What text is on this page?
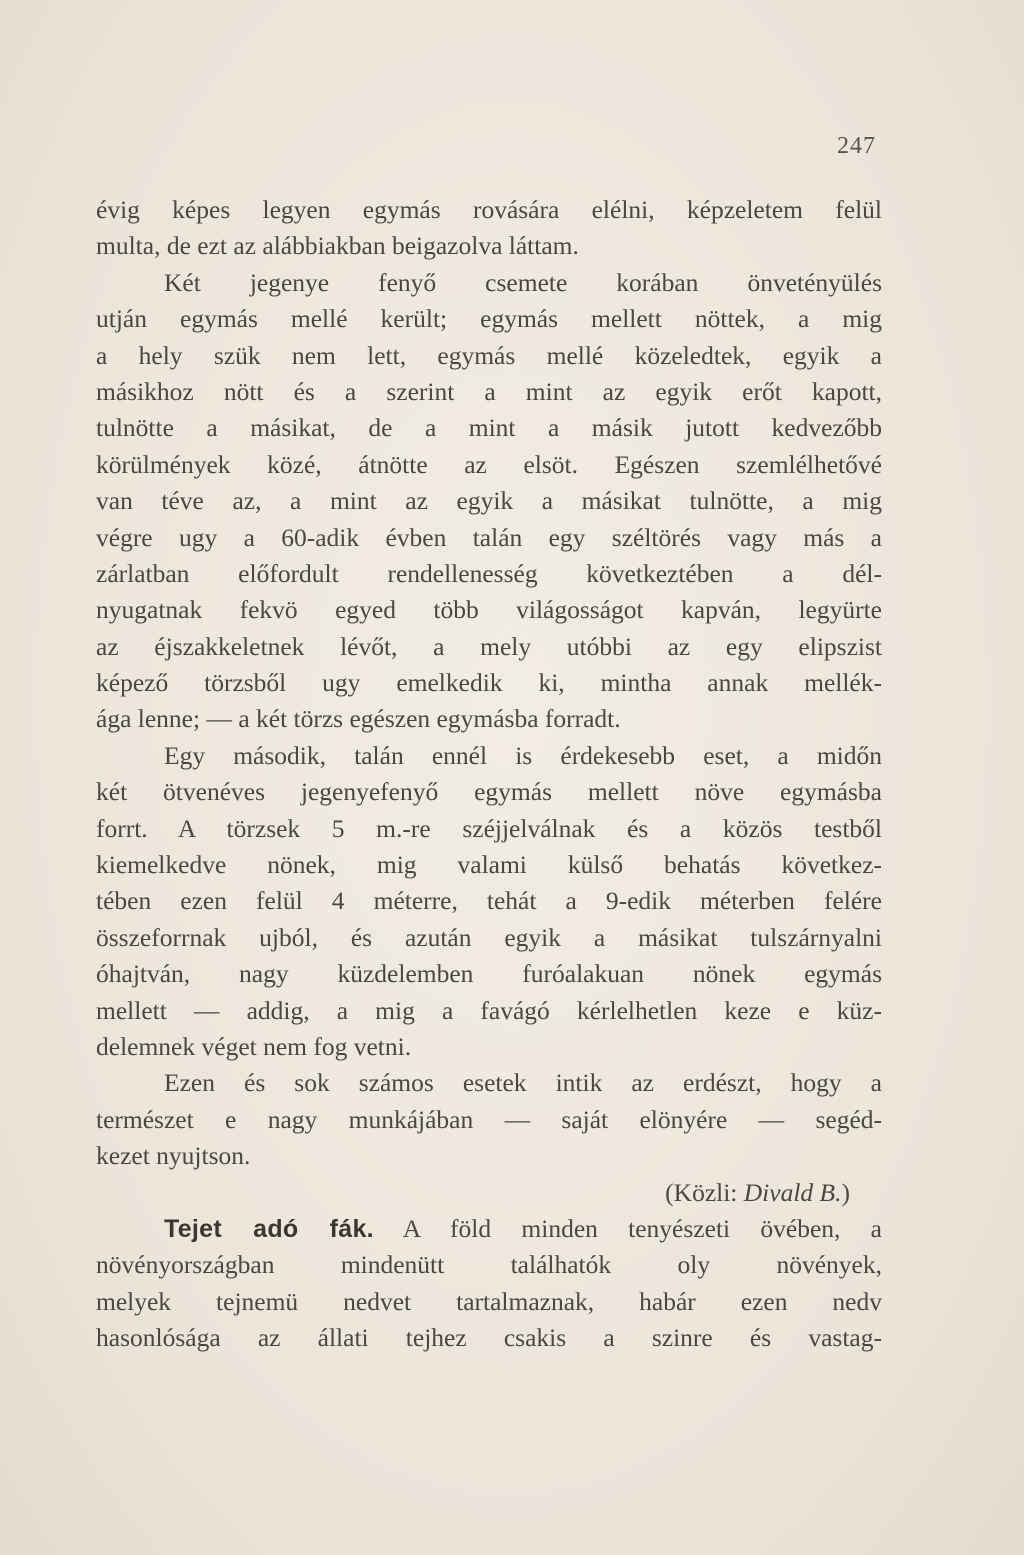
247
évig képes legyen egymás rovására elélni, képzeletem felül
multa, de ezt az alábbiakban beigazolva láttam.
Két jegenye fenyő csemete korában önvetényülés
utján egymás mellé került; egymás mellett nöttek, a mig
a hely szük nem lett, egymás mellé közeledtek, egyik a
másikhoz nött és a szerint a mint az egyik erőt kapott,
tulnötte a másikat, de a mint a másik jutott kedvezőbb
körülmények közé, átnötte az elsöt. Egészen szemlélhetővé
van téve az, a mint az egyik a másikat tulnötte, a mig
végre ugy a 60-adik évben talán egy széltörés vagy más a
zárlatban előfordult rendellenesség következtében a dél-
nyugatnak fekvö egyed több világosságot kapván, legyürte
az éjszakkeletnek lévőt, a mely utóbbi az egy elipszist
képező törzsből ugy emelkedik ki, mintha annak mellék-
ága lenne; — a két törzs egészen egymásba forradt.
Egy második, talán ennél is érdekesebb eset, a midőn
két ötvenéves jegenyefenyő egymás mellett növe egymásba
forrt. A törzsek 5 m.-re széjjelválnak és a közös testből
kiemelkedve nönek, mig valami külső behatás következ-
tében ezen felül 4 méterre, tehát a 9-edik méterben felére
összeforrnak ujból, és azután egyik a másikat tulszárnyalni
óhajtván, nagy küzdelemben furóalakuan nönek egymás
mellett — addig, a mig a favágó kérlelhetlen keze e küz-
delemnek véget nem fog vetni.
Ezen és sok számos esetek intik az erdészt, hogy a
természet e nagy munkájában — saját elönyére — segéd-
kezet nyujtson.
(Közli: Divald B.)
Tejet adó fák. A föld minden tenyészeti övében, a
növényországban mindenütt találhatók oly növények,
melyek tejnemü nedvet tartalmaznak, habár ezen nedv
hasonlósága az állati tejhez csakis a szinre és vastag-
